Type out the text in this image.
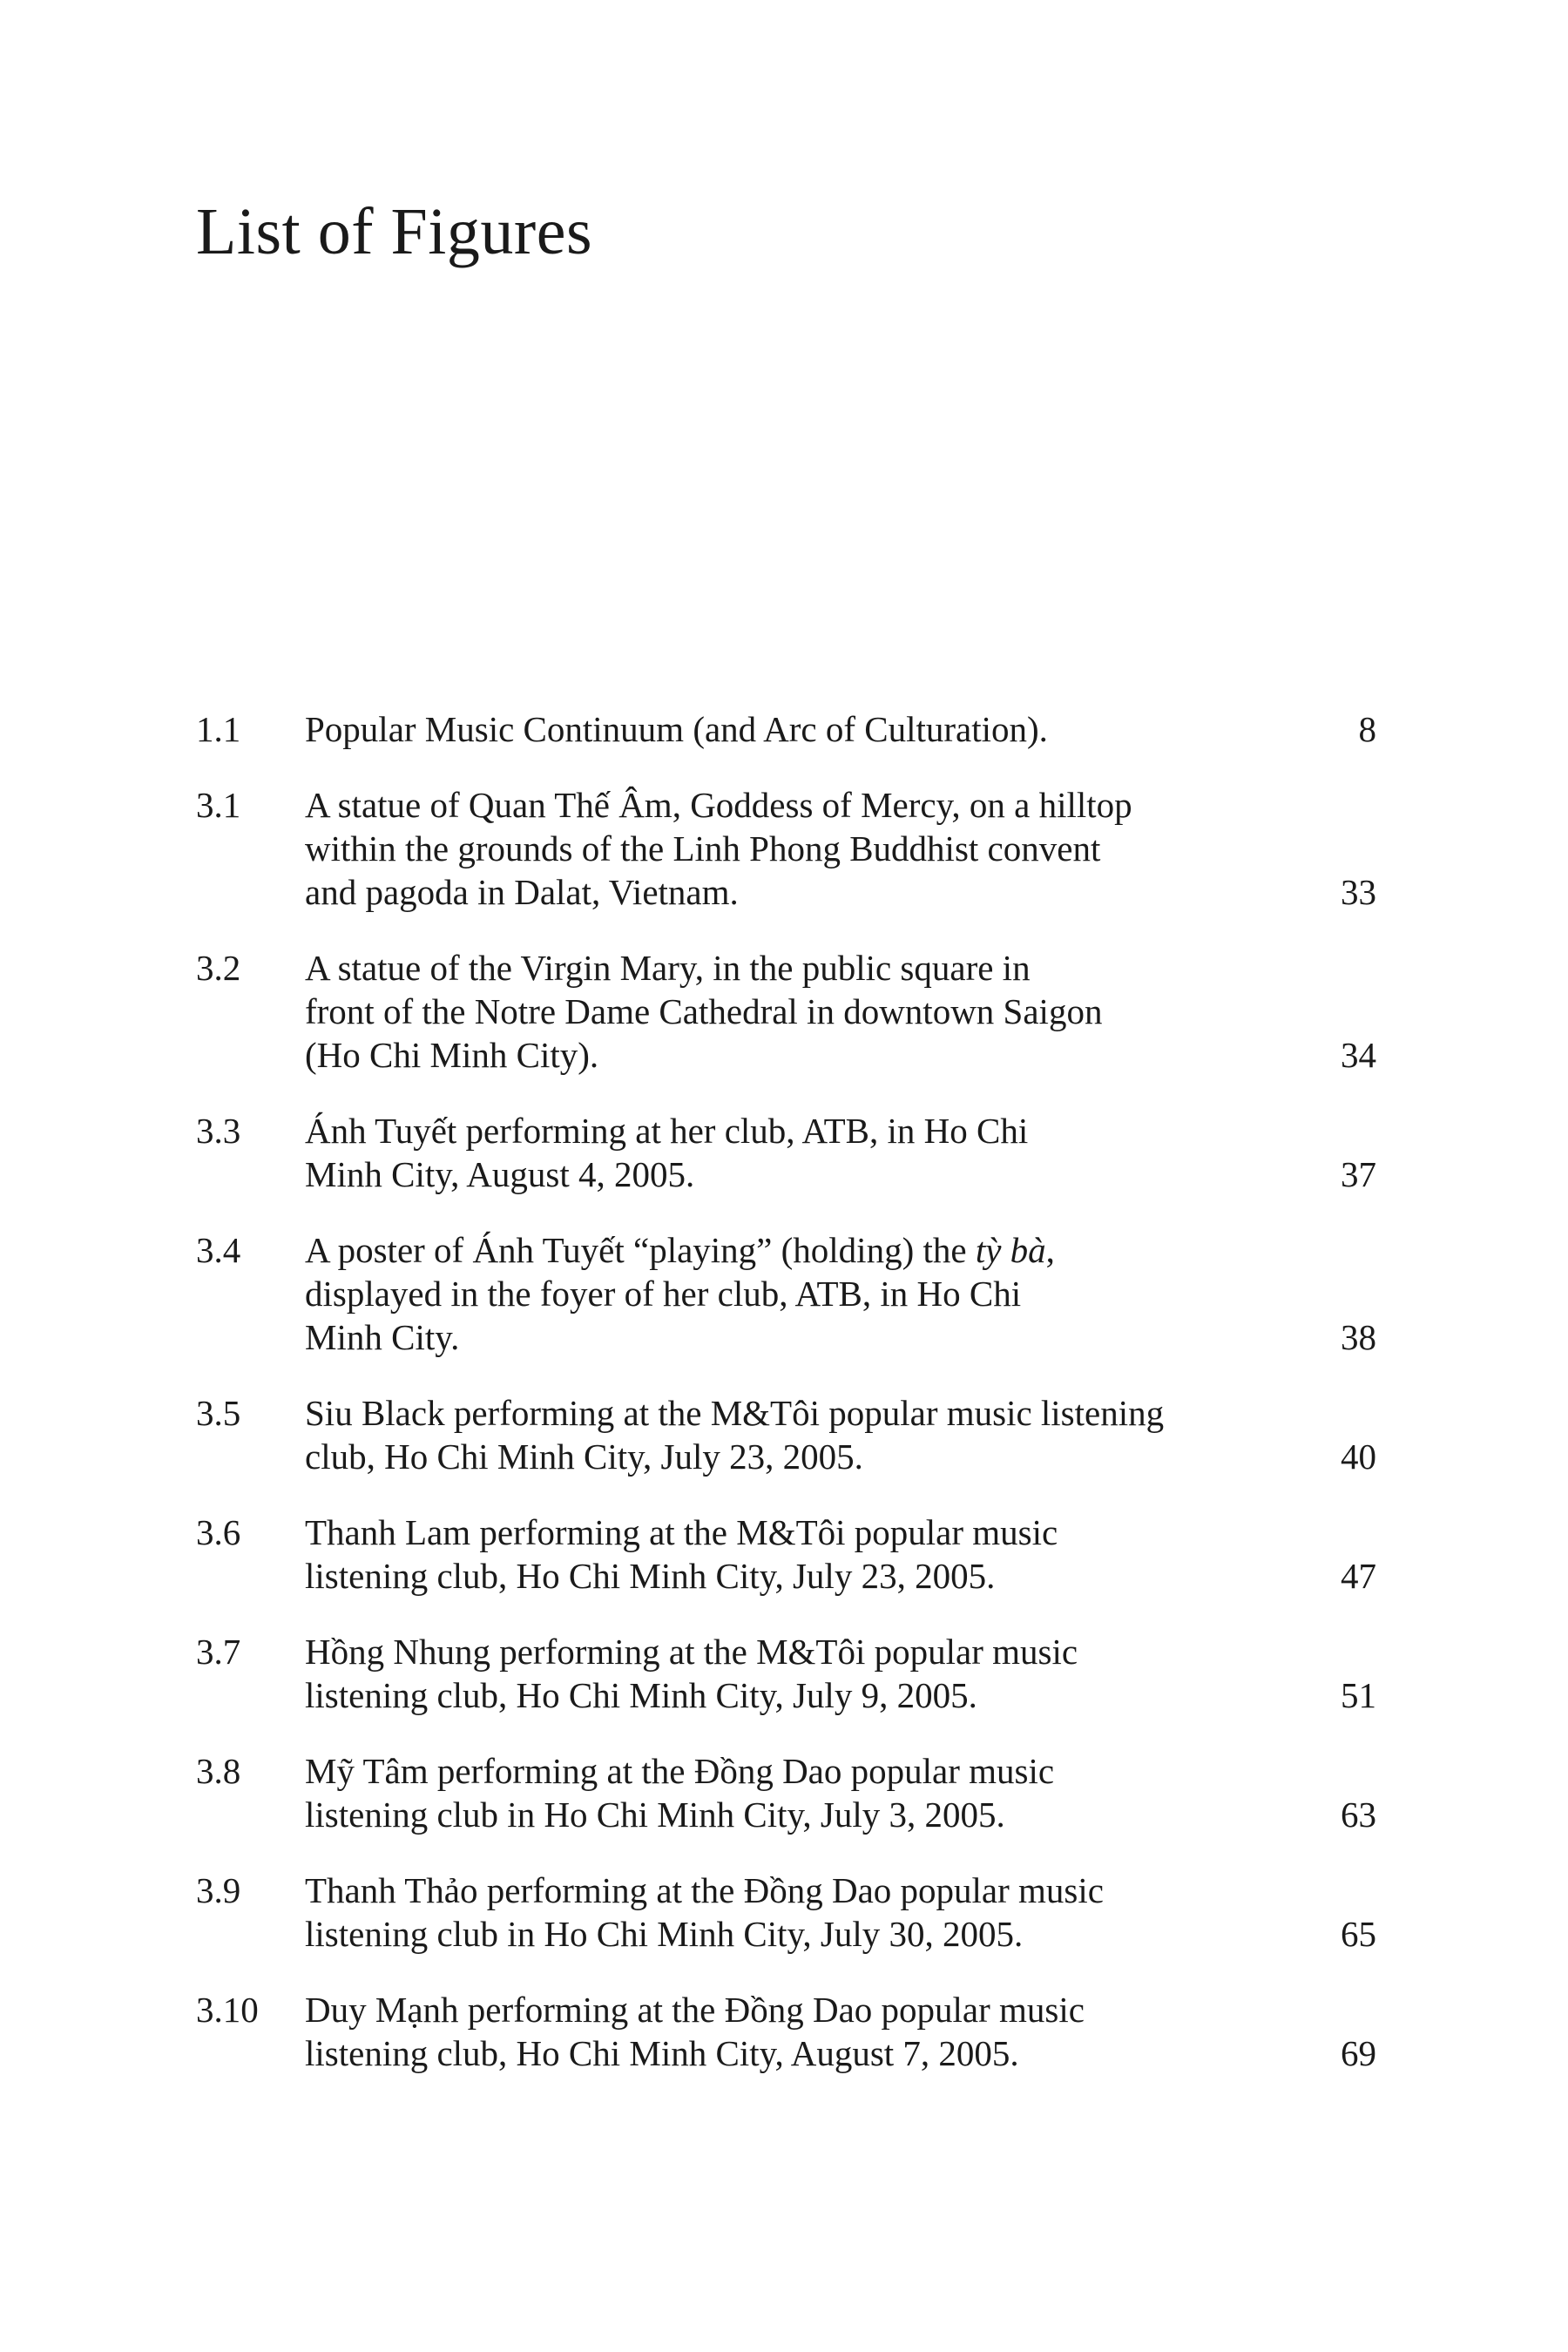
List of Figures
1.1	Popular Music Continuum (and Arc of Culturation).	8
3.1	A statue of Quan Thế Âm, Goddess of Mercy, on a hilltop
within the grounds of the Linh Phong Buddhist convent
and pagoda in Dalat, Vietnam.	33
3.2	A statue of the Virgin Mary, in the public square in
front of the Notre Dame Cathedral in downtown Saigon
(Ho Chi Minh City).	34
3.3	Ánh Tuyết performing at her club, ATB, in Ho Chi
Minh City, August 4, 2005.	37
3.4	A poster of Ánh Tuyết “playing” (holding) the tỳ bà,
displayed in the foyer of her club, ATB, in Ho Chi
Minh City.	38
3.5	Siu Black performing at the M&Tôi popular music listening
club, Ho Chi Minh City, July 23, 2005.	40
3.6	Thanh Lam performing at the M&Tôi popular music
listening club, Ho Chi Minh City, July 23, 2005.	47
3.7	Hồng Nhung performing at the M&Tôi popular music
listening club, Ho Chi Minh City, July 9, 2005.	51
3.8	Mỹ Tâm performing at the Đồng Dao popular music
listening club in Ho Chi Minh City, July 3, 2005.	63
3.9	Thanh Thảo performing at the Đồng Dao popular music
listening club in Ho Chi Minh City, July 30, 2005.	65
3.10	Duy Mạnh performing at the Đồng Dao popular music
listening club, Ho Chi Minh City, August 7, 2005.	69
